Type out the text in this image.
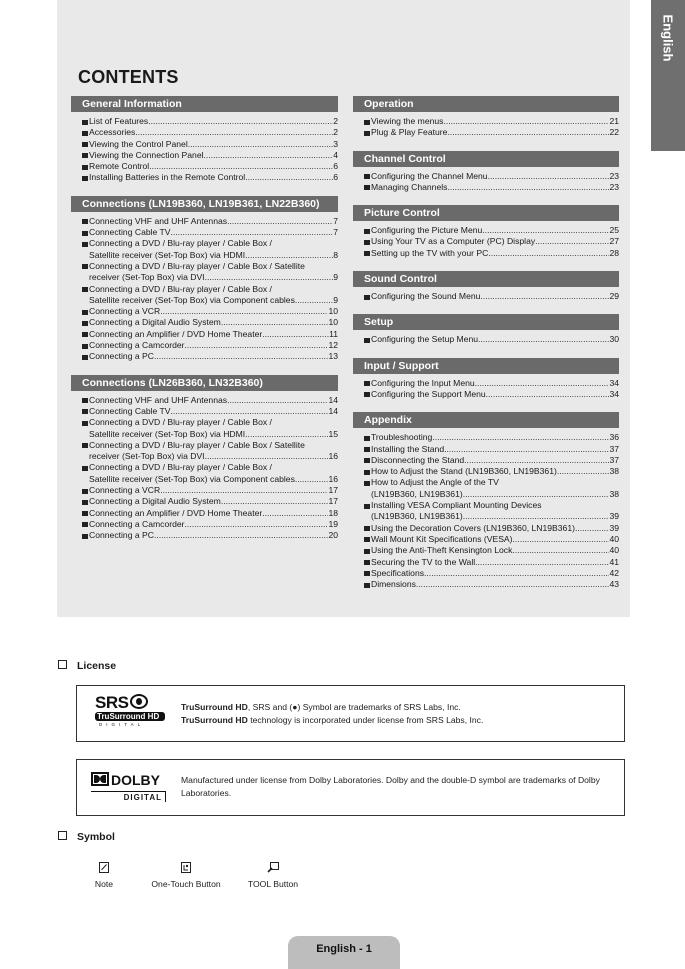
English
CONTENTS
General Information
List of Features .....	2
Accessories .....	2
Viewing the Control Panel .....	3
Viewing the Connection Panel .....	4
Remote Control .....	6
Installing Batteries in the Remote Control .....	6
Connections (LN19B360, LN19B361, LN22B360)
Connecting VHF and UHF Antennas .....	7
Connecting Cable TV .....	7
Connecting a DVD / Blu-ray player / Cable Box /
Satellite receiver (Set-Top Box) via HDMI .....	8
Connecting a DVD / Blu-ray player / Cable Box / Satellite
receiver (Set-Top Box) via DVI .....	9
Connecting a DVD / Blu-ray player / Cable Box /
Satellite receiver (Set-Top Box) via Component cables .....	9
Connecting a VCR .....	10
Connecting a Digital Audio System .....	10
Connecting an Amplifier / DVD Home Theater .....	11
Connecting a Camcorder .....	12
Connecting a PC .....	13
Connections (LN26B360, LN32B360)
Connecting VHF and UHF Antennas .....	14
Connecting Cable TV .....	14
Connecting a DVD / Blu-ray player / Cable Box /
Satellite receiver (Set-Top Box) via HDMI .....	15
Connecting a DVD / Blu-ray player / Cable Box / Satellite
receiver (Set-Top Box) via DVI .....	16
Connecting a DVD / Blu-ray player / Cable Box /
Satellite receiver (Set-Top Box) via Component cables .....	16
Connecting a VCR .....	17
Connecting a Digital Audio System .....	17
Connecting an Amplifier / DVD Home Theater .....	18
Connecting a Camcorder .....	19
Connecting a PC .....	20
Operation
Viewing the menus .....	21
Plug & Play Feature .....	22
Channel Control
Configuring the Channel Menu .....	23
Managing Channels .....	23
Picture Control
Configuring the Picture Menu .....	25
Using Your TV as a Computer (PC) Display .....	27
Setting up the TV with your PC .....	28
Sound Control
Configuring the Sound Menu .....	29
Setup
Configuring the Setup Menu .....	30
Input / Support
Configuring the Input Menu .....	34
Configuring the Support Menu .....	34
Appendix
Troubleshooting .....	36
Installing the Stand .....	37
Disconnecting the Stand .....	37
How to Adjust the Stand (LN19B360, LN19B361) .....	38
How to Adjust the Angle of the TV
(LN19B360, LN19B361) .....	38
Installing VESA Compliant Mounting Devices
(LN19B360, LN19B361) .....	39
Using the Decoration Covers (LN19B360, LN19B361) .....	39
Wall Mount Kit Specifications (VESA) .....	40
Using the Anti-Theft Kensington Lock .....	40
Securing the TV to the Wall .....	41
Specifications .....	42
Dimensions .....	43
License
SRS
TruSurround HD
DIGITAL
TruSurround HD, SRS and (●) Symbol are trademarks of SRS Labs, Inc.
TruSurround HD technology is incorporated under license from SRS Labs, Inc.
DOLBY
DIGITAL
Manufactured under license from Dolby Laboratories. Dolby and the double-D symbol are trademarks of Dolby Laboratories.
Symbol
Note	One-Touch Button	TOOL Button
English - 1
